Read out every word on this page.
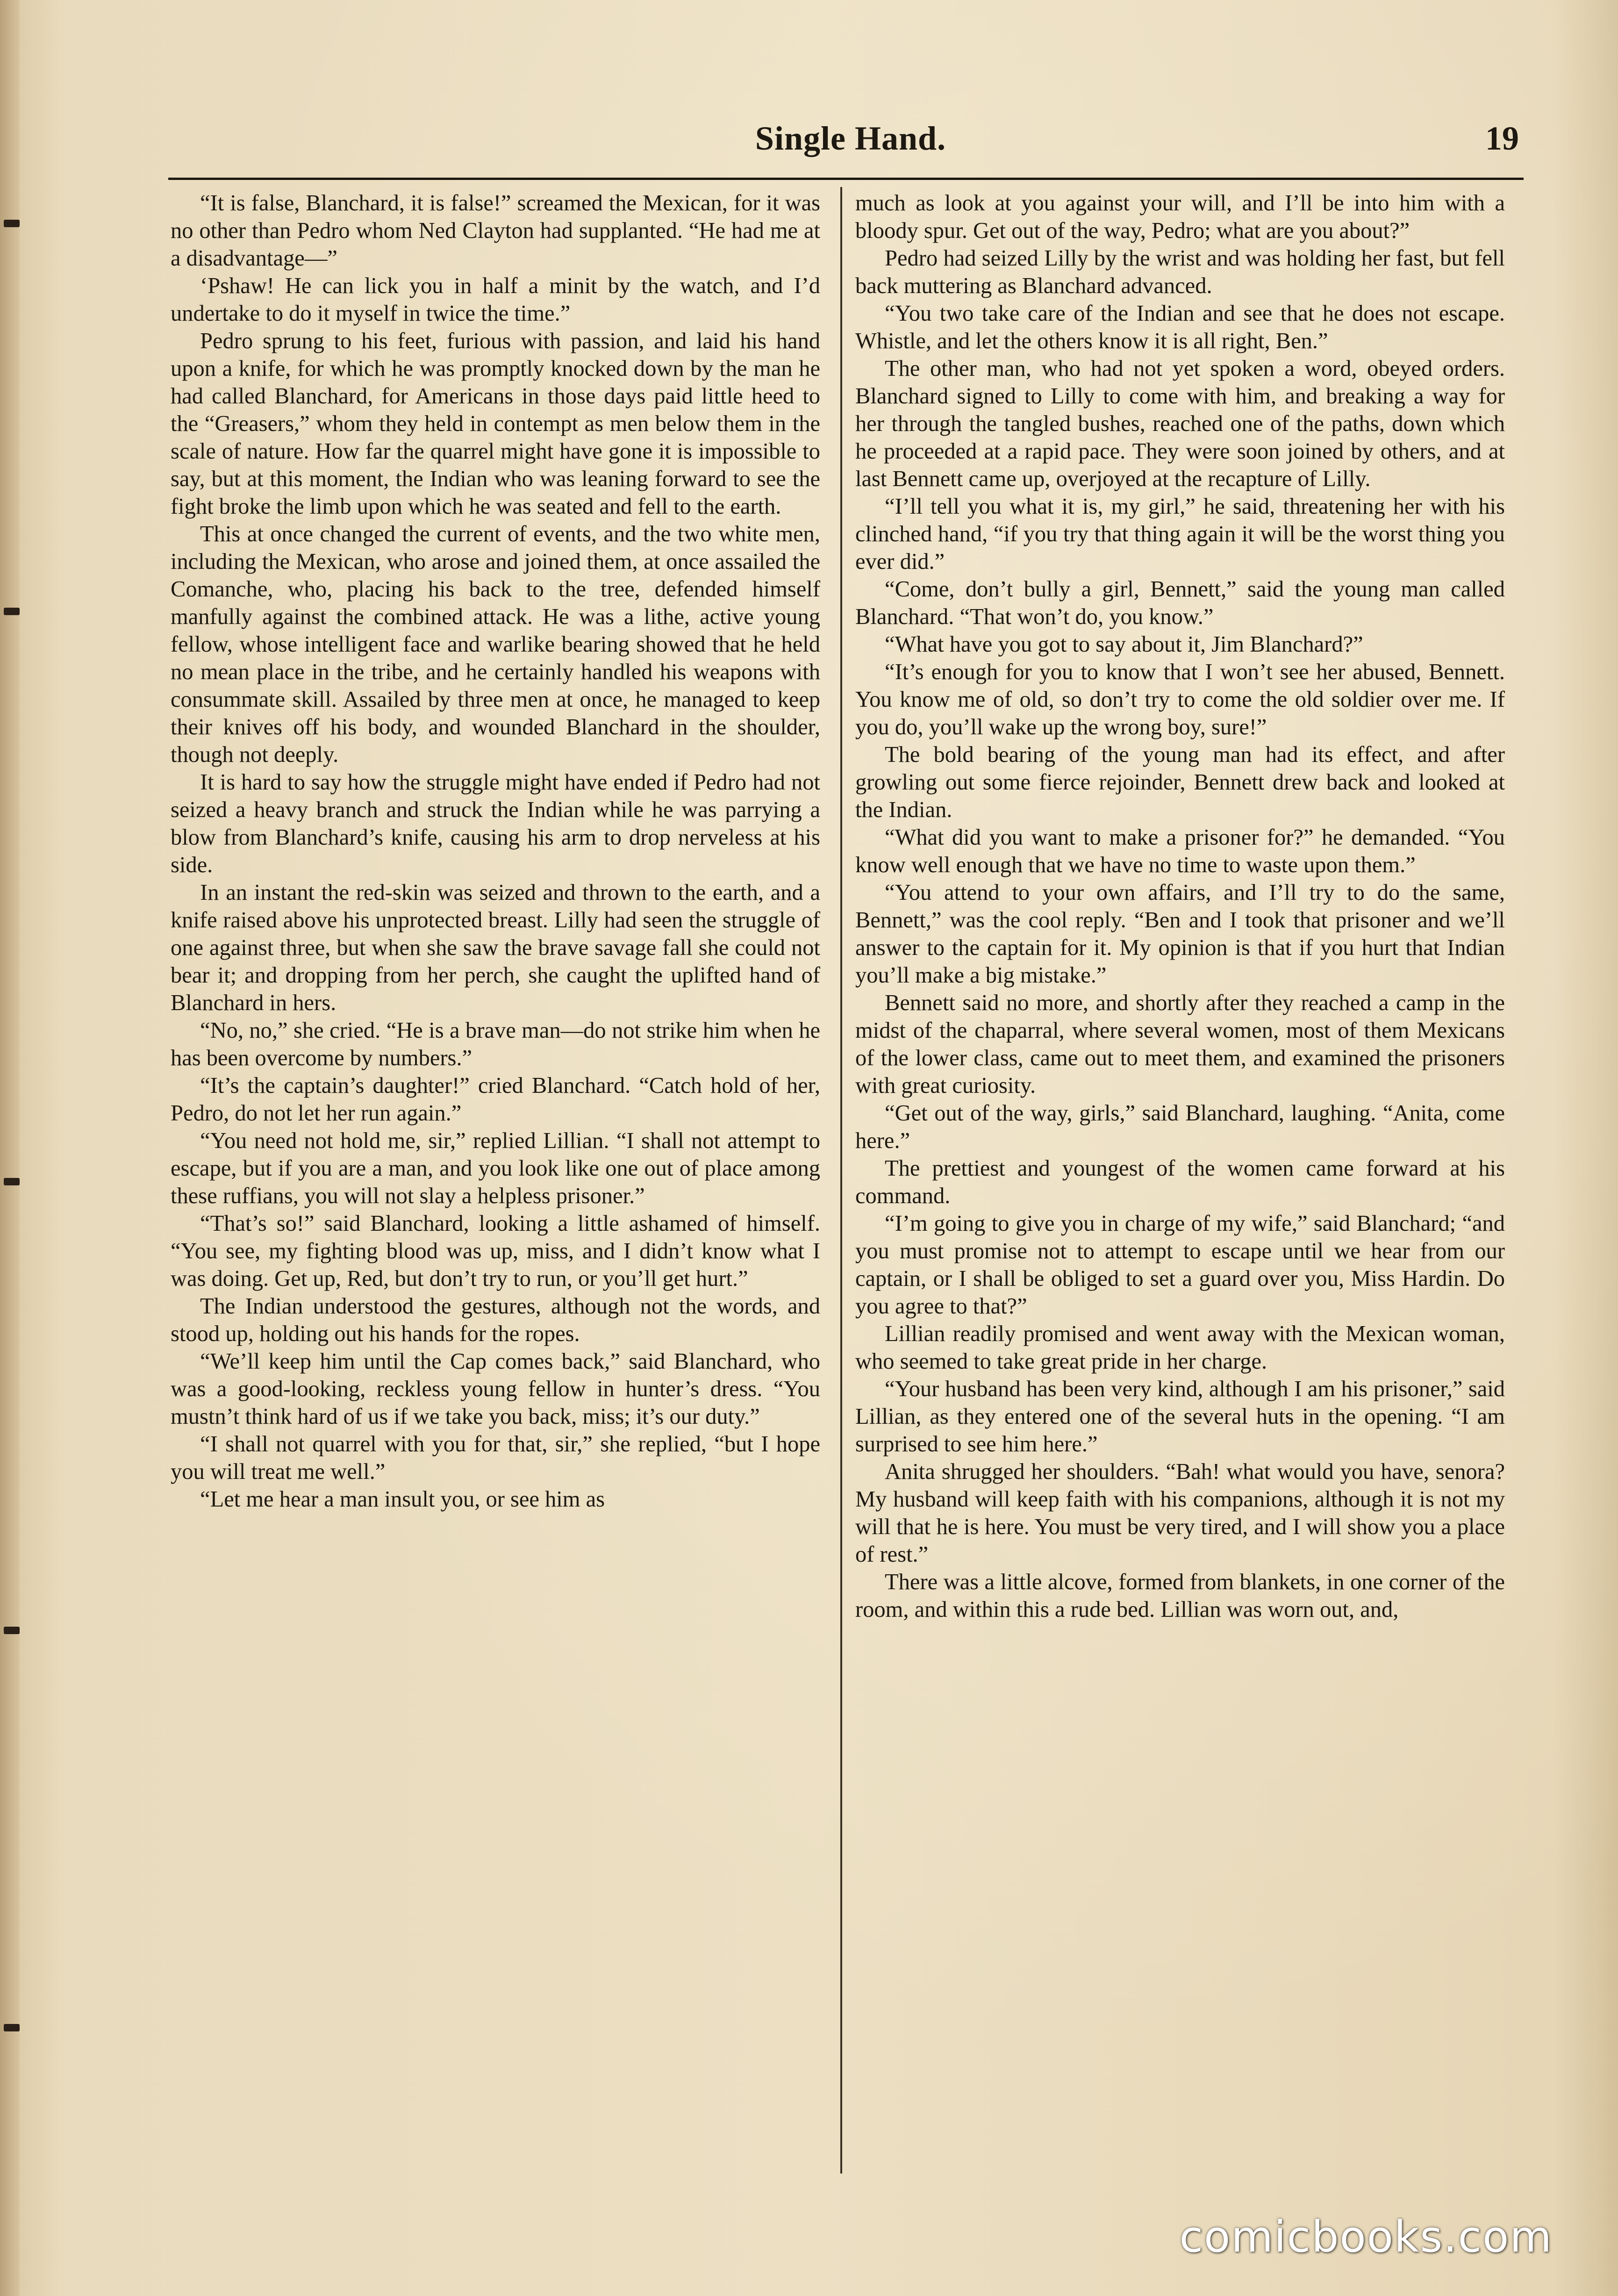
Single Hand.	19

“It is false, Blanchard, it is false!” screamed the Mexican, for it was no other than Pedro whom Ned Clayton had supplanted. “He had me at a disadvantage—”

‘Pshaw! He can lick you in half a minit by the watch, and I’d undertake to do it myself in twice the time.”

Pedro sprung to his feet, furious with passion, and laid his hand upon a knife, for which he was promptly knocked down by the man he had called Blanchard, for Americans in those days paid little heed to the “Greasers,” whom they held in contempt as men below them in the scale of nature. How far the quarrel might have gone it is impossible to say, but at this moment, the Indian who was leaning forward to see the fight broke the limb upon which he was seated and fell to the earth.

This at once changed the current of events, and the two white men, including the Mexican, who arose and joined them, at once assailed the Comanche, who, placing his back to the tree, defended himself manfully against the combined attack. He was a lithe, active young fellow, whose intelligent face and warlike bearing showed that he held no mean place in the tribe, and he certainly handled his weapons with consummate skill. Assailed by three men at once, he managed to keep their knives off his body, and wounded Blanchard in the shoulder, though not deeply.

It is hard to say how the struggle might have ended if Pedro had not seized a heavy branch and struck the Indian while he was parrying a blow from Blanchard’s knife, causing his arm to drop nerveless at his side.

In an instant the red-skin was seized and thrown to the earth, and a knife raised above his unprotected breast. Lilly had seen the struggle of one against three, but when she saw the brave savage fall she could not bear it; and dropping from her perch, she caught the uplifted hand of Blanchard in hers.

“No, no,” she cried. “He is a brave man—do not strike him when he has been overcome by numbers.”

“It’s the captain’s daughter!” cried Blanchard. “Catch hold of her, Pedro, do not let her run again.”

“You need not hold me, sir,” replied Lillian. “I shall not attempt to escape, but if you are a man, and you look like one out of place among these ruffians, you will not slay a helpless prisoner.”

“That’s so!” said Blanchard, looking a little ashamed of himself. “You see, my fighting blood was up, miss, and I didn’t know what I was doing. Get up, Red, but don’t try to run, or you’ll get hurt.”

The Indian understood the gestures, although not the words, and stood up, holding out his hands for the ropes.

“We’ll keep him until the Cap comes back,” said Blanchard, who was a good-looking, reckless young fellow in hunter’s dress. “You mustn’t think hard of us if we take you back, miss; it’s our duty.”

“I shall not quarrel with you for that, sir,” she replied, “but I hope you will treat me well.”

“Let me hear a man insult you, or see him as

much as look at you against your will, and I’ll be into him with a bloody spur. Get out of the way, Pedro; what are you about?”

Pedro had seized Lilly by the wrist and was holding her fast, but fell back muttering as Blanchard advanced.

“You two take care of the Indian and see that he does not escape. Whistle, and let the others know it is all right, Ben.”

The other man, who had not yet spoken a word, obeyed orders. Blanchard signed to Lilly to come with him, and breaking a way for her through the tangled bushes, reached one of the paths, down which he proceeded at a rapid pace. They were soon joined by others, and at last Bennett came up, overjoyed at the recapture of Lilly.

“I’ll tell you what it is, my girl,” he said, threatening her with his clinched hand, “if you try that thing again it will be the worst thing you ever did.”

“Come, don’t bully a girl, Bennett,” said the young man called Blanchard. “That won’t do, you know.”

“What have you got to say about it, Jim Blanchard?”

“It’s enough for you to know that I won’t see her abused, Bennett. You know me of old, so don’t try to come the old soldier over me. If you do, you’ll wake up the wrong boy, sure!”

The bold bearing of the young man had its effect, and after growling out some fierce rejoinder, Bennett drew back and looked at the Indian.

“What did you want to make a prisoner for?” he demanded. “You know well enough that we have no time to waste upon them.”

“You attend to your own affairs, and I’ll try to do the same, Bennett,” was the cool reply. “Ben and I took that prisoner and we’ll answer to the captain for it. My opinion is that if you hurt that Indian you’ll make a big mistake.”

Bennett said no more, and shortly after they reached a camp in the midst of the chaparral, where several women, most of them Mexicans of the lower class, came out to meet them, and examined the prisoners with great curiosity.

“Get out of the way, girls,” said Blanchard, laughing. “Anita, come here.”

The prettiest and youngest of the women came forward at his command.

“I’m going to give you in charge of my wife,” said Blanchard; “and you must promise not to attempt to escape until we hear from our captain, or I shall be obliged to set a guard over you, Miss Hardin. Do you agree to that?”

Lillian readily promised and went away with the Mexican woman, who seemed to take great pride in her charge.

“Your husband has been very kind, although I am his prisoner,” said Lillian, as they entered one of the several huts in the opening. “I am surprised to see him here.”

Anita shrugged her shoulders. “Bah! what would you have, senora? My husband will keep faith with his companions, although it is not my will that he is here. You must be very tired, and I will show you a place of rest.”

There was a little alcove, formed from blankets, in one corner of the room, and within this a rude bed. Lillian was worn out, and,

comicbooks.com
